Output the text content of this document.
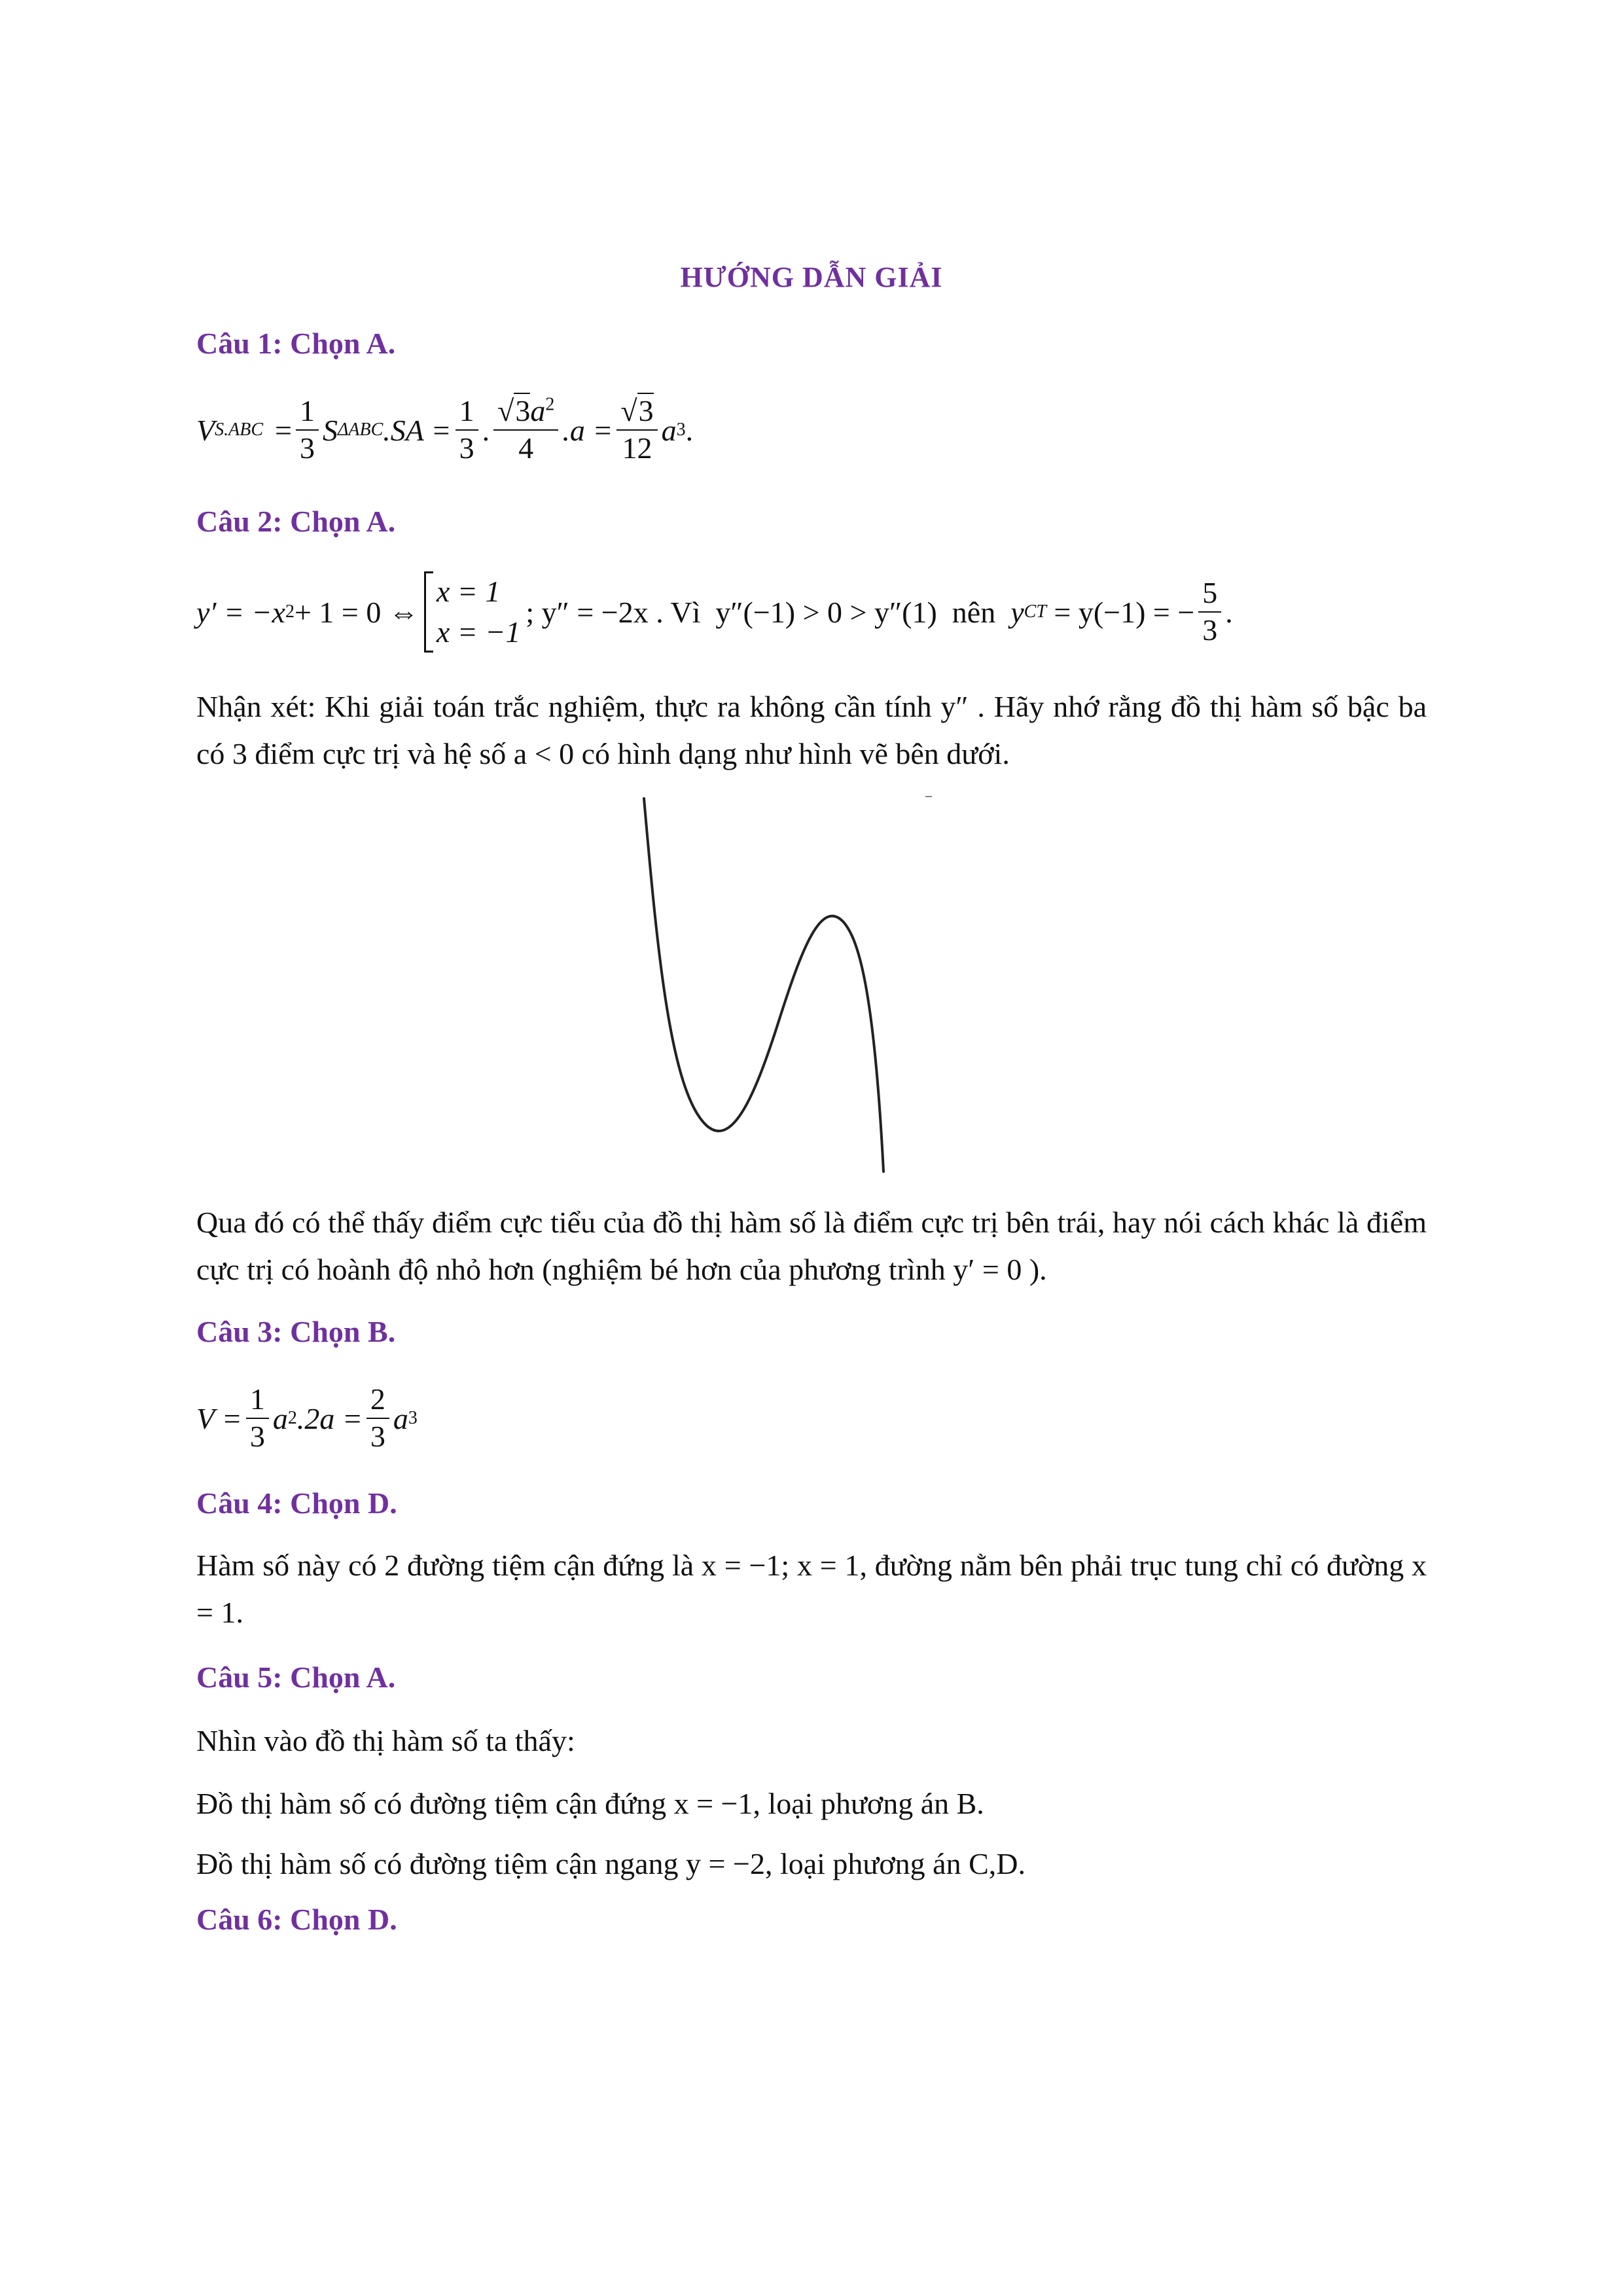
HƯỚNG DẪN GIẢI
Câu 1: Chọn A.
V $S.ABC = \frac{1}{3}$ S ΔABC $.SA = \frac{1}{3}$ . $\frac{√3a^2}{4} .a = \frac{√3}{12}$ a 3 .
Câu 2: Chọn A.
y′ = −x 2 + 1 = 0 ⇔
x = 1
x = −1
; y″ = −2x . Vì  y″(−1) > 0 > y″(1)  nên y CT = y(−1) = − $\frac{5}{3}$ .
Nhận xét: Khi giải toán trắc nghiệm, thực ra không cần tính y″ . Hãy nhớ rằng đồ thị hàm số bậc ba có 3 điểm cực trị và hệ số a < 0 có hình dạng như hình vẽ bên dưới.
Qua đó có thể thấy điểm cực tiểu của đồ thị hàm số là điểm cực trị bên trái, hay nói cách khác là điểm cực trị có hoành độ nhỏ hơn (nghiệm bé hơn của phương trình y′ = 0 ).
Câu 3: Chọn B.
$V = \frac{1}{3}$ a 2 $.2a = \frac{2}{3}$ a 3
Câu 4: Chọn D.
Hàm số này có 2 đường tiệm cận đứng là x = −1; x = 1, đường nằm bên phải trục tung chỉ có đường x = 1.
Câu 5: Chọn A.
Nhìn vào đồ thị hàm số ta thấy:
Đồ thị hàm số có đường tiệm cận đứng x = −1, loại phương án B.
Đồ thị hàm số có đường tiệm cận ngang y = −2, loại phương án C,D.
Câu 6: Chọn D.
